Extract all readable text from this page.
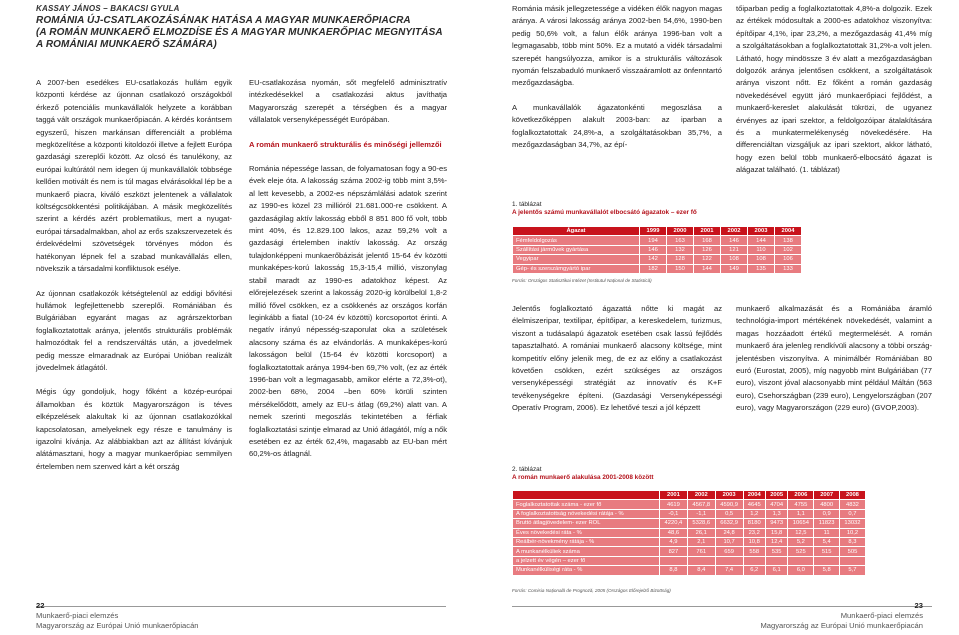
KASSAY JÁNOS – BAKACSI GYULA
ROMÁNIA ÚJ-CSATLAKOZÁSÁNAK HATÁSA A MAGYAR MUNKAERŐPIACRA
(A ROMÁN MUNKAERŐ ELMOZDÍSE ÉS A MAGYAR MUNKAERŐPIAC MEGNYITÁSA
A ROMÁNIAI MUNKAERŐ SZÁMÁRA)

A 2007-ben esedékes EU-csatlakozás hullám egyik központi kérdése az újonnan csatlakozó országokból érkező potenciális munkavállalók helyzete a korábban taggá vált országok munkaerőpiacán. A kérdés korántsem egyszerű, hiszen markánsan differenciált a probléma megközelítése a központi kitoldozói illetve a fejlett Európa gazdasági szereplői között. Az olcsó és tanulékony, az európai kultúrától nem idegen új munkavállalók többsége kellően motivált és nem is túl magas elvárásokkal lép be a munkaerő piacra, kiváló eszközt jelentenek a vállalatok költségcsökkentési politikájában. A másik megközelítés szerint a kérdés azért problematikus, mert a nyugat-európai társadalmakban, ahol az erős szakszervezetek és érdekvédelmi szövetségek törvényes módon és hatékonyan lépnek fel a szabad munkavállalás ellen, növekszik a társadalmi konfliktusok esélye.

Az újonnan csatlakozók kétségtelenül az eddigi bővítési hullámok legfejlettenebb szereplői. Romániában és Bulgáriában egyaránt magas az agrárszektorban foglalkoztatottak aránya, jelentős strukturális problémák halmozódtak fel a rendszerváltás után, a jövedelmek pedig messze elmaradnak az Európai Unióban realizált jövedelmek átlagától.

Mégis úgy gondoljuk, hogy főként a közép-európai államokban és köztük Magyarországon is téves elképzelések alakultak ki az újonnan csatlakozókkal kapcsolatosan, amelyeknek egy része e tanulmány is igazolni kívánja. Az alábbiakban azt az állítást kívánjuk alátámasztani, hogy a magyar munkaerőpiac semmilyen értelemben nem szenved kárt a két ország

EU-csatlakozása nyomán, sőt megfelelő adminisztratív intézkedésekkel a csatlakozási aktus javíthatja Magyarország szerepét a térségben és a magyar vállalatok versenyképességét Európában.

A román munkaerő strukturális és minőségi jellemzői

Románia népessége lassan, de folyamatosan fogy a 90-es évek eleje óta. A lakosság száma 2002-ig több mint 3,5%-al lett kevesebb, a 2002-es népszámlálási adatok szerint az 1990-es közel 23 millióról 21.681.000-re csökkent. A gazdaságilag aktív lakosság ebből 8 851 800 fő volt, több mint 40%, és 12.829.100 lakos, azaz 59,2% volt a gazdasági értelemben inaktív lakosság. Az ország tulajdonképpeni munkaerőbázisát jelentő 15-64 év közötti munkaképes-korú lakosság 15,3-15,4 millió, viszonylag stabil maradt az 1990-es adatokhoz képest. Az előrejelezések szerint a lakosság 2020-ig körülbelül 1,8-2 millió fővel csökken, ez a csökkenés az országos korfán leginkább a fiatal (10-24 év közötti) korcsoportot érinti. A negatív irányú népesség-szaporulat oka a születések alacsony száma és az elvándorlás. A munkaképes-korú lakosságon belül (15-64 év közötti korcsoport) a foglalkoztatottak aránya 1994-ben 69,7% volt, (ez az érték 1996-ban volt a legmagasabb, amikor elérte a 72,3%-ot), 2002-ben 68%, 2004 –ben 60% körüli szinten mérsékelődött, amely az EU-s átlag (69,2%) alatt van. A nemek szerinti megoszlás tekintetében a férfiak foglalkoztatási szintje elmarad az Unió átlagától, míg a nők esetében ez az érték 62,4%, magasabb az EU-ban mért 60,2%-os átlagnál.

22
Munkaerő-piaci elemzés
Magyarország az Európai Unió munkaerőpiacán

Románia másik jellegzetessége a vidéken élők nagyon magas aránya. A városi lakosság aránya 2002-ben 54,6%, 1990-ben pedig 50,6% volt, a falun élők aránya 1996-ban volt a legmagasabb, több mint 50%. Ez a mutató a vidék társadalmi szerepét hangsúlyozza, amikor is a strukturális változások nyomán felszabaduló munkaerő visszaáramlott az önfenntartó mezőgazdaságba.

A munkavállalók ágazatonkénti megoszlása a következőképpen alakult 2003-ban: az iparban a foglalkoztatottak 24,8%-a, a szolgáltatásokban 35,7%, a mezőgazdaságban 34,7%, az épí-

tőiparban pedig a foglalkoztatottak 4,8%-a dolgozik. Ezek az értékek módosultak a 2000-es adatokhoz viszonyítva: építőipar 4,1%, ipar 23,2%, a mezőgazdaság 41,4% míg a szolgáltatásokban a foglalkoztatottak 31,2%-a volt jelen. Látható, hogy mindössze 3 év alatt a mezőgazdaságban dolgozók aránya jelentősen csökkent, a szolgáltatások aránya viszont nőtt. Ez főként a román gazdaság növekedésével együtt járó munkaerőpiaci fejlődést, a munkaerő-kereslet alakulását tükrözi, de ugyanez érvényes az ipari szektor, a feldolgozóipar átalakítására és a munkatermelékenység növekedésére. Ha differenciáltan vizsgáljuk az ipari szektort, akkor látható, hogy ezen belül több munkaerő-elbocsátó ágazat is alágazat található. (1. táblázat)

1. táblázat
A jelentős számú munkavállalót elbocsátó ágazatok – ezer fő
Ágazat	1999	2000	2001	2002	2003	2004
Fémfeldolgozás	194	163	168	146	144	138
Szállítási járművek gyártása	146	132	126	121	110	102
Vegyipar	142	128	122	108	108	106
Gép- és szerszámgyártó ipar	182	150	144	149	135	133
Forrás: Országos Statisztikai Intézet (Institutul Național de Statistică)

Jelentős foglalkoztató ágazattá nőtte ki magát az élelmiszeripar, textilipar, építőipar, a kereskedelem, turizmus, viszont a tudásalapú ágazatok esetében csak lassú fejlődés tapasztalható. A romániai munkaerő alacsony költsége, mint kompetitív előny jelenik meg, de ez az előny a csatlakozást követően csökken, ezért szükséges az országos versenyképességi stratégiát az innovatív és K+F tevékenységekre építeni. (Gazdasági Versenyképességi Operatív Program, 2006). Ez lehetővé teszi a jól képzett

munkaerő alkalmazását és a Romániába áramló technológia-import mértékének növekedését, valamint a magas hozzáadott értékű megtermelését. A román munkaerő ára jelenleg rendkívüli alacsony a többi ország-jelentésben viszonyítva. A minimálbér Romániában 80 euró (Eurostat, 2005), míg nagyobb mint Bulgáriában (77 euro), viszont jóval alacsonyabb mint például Máltán (563 euro), Csehországban (239 euro), Lengyelországban (207 euro), vagy Magyarországon (229 euro) (GVOP,2003).

2. táblázat
A román munkaerő alakulása 2001-2008 között
	2001	2002	2003	2004	2005	2006	2007	2008
Foglalkoztatottak száma - ezer fő	4619	4567,8	4590,9	4645	4704	4755	4800	4832
A foglalkoztatottság növekedési rátája - %	-0,1	-1,1	0,5	1,2	1,3	1,1	0,9	0,7
Bruttó átlagjövedelem- ezer ROL	4220,4	5328,6	6632,9	8180	9473	10654	11823	13032
Éves növekedési ráta - %	48,6	26,1	24,8	23,2	15,8	12,5	11	10,2
Reálbér-növekmény rátája - %	4,9	2,1	10,7	10,8	12,4	5,2	5,4	8,3
A munkanélküliek száma	827	761	659	558	535	525	515	505
a jelzett év végén – ezer fő								
Munkanélküliségi ráta - %	8,8	8,4	7,4	6,2	6,1	6,0	5,8	5,7
Forrás: Comisia Națională de Prognoză, 2005 (Országos Előrejelző Bizottság)
23
Munkaerő-piaci elemzés
Magyarország az Európai Unió munkaerőpiacán
